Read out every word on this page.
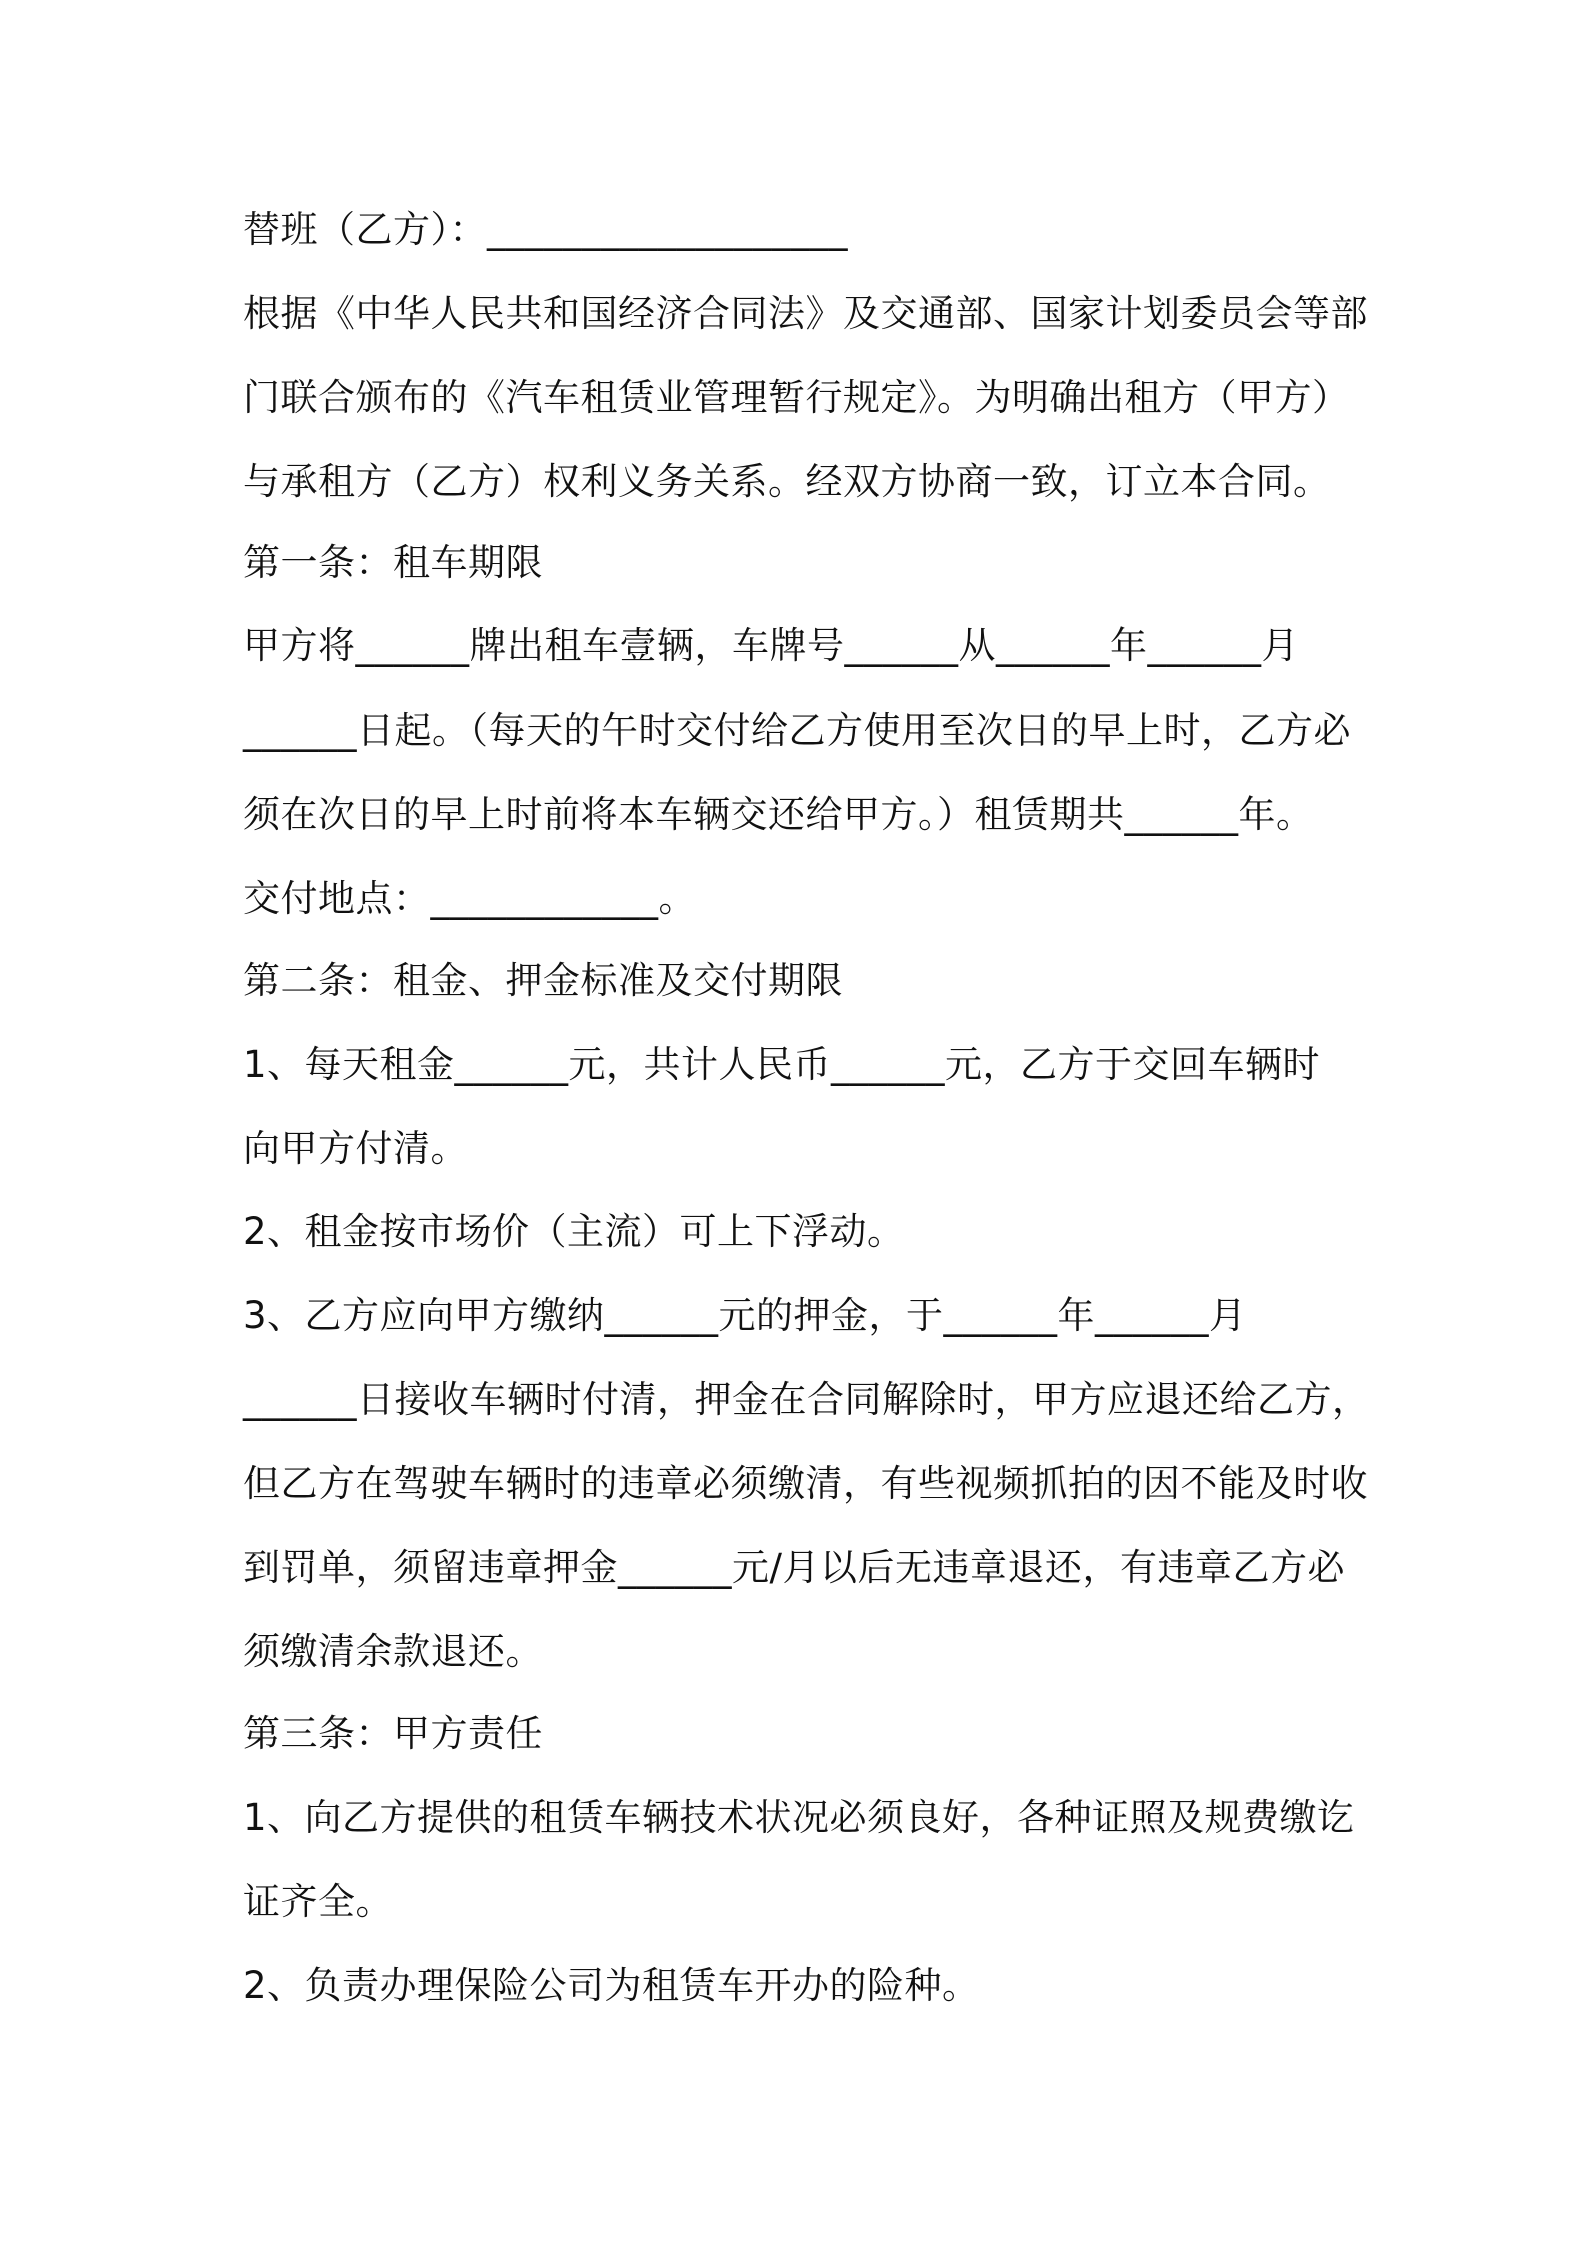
替班（乙方）：___________________
根据《中华人民共和国经济合同法》及交通部、国家计划委员会等部
门联合颁布的《汽车租赁业管理暂行规定》。为明确出租方（甲方）
与承租方（乙方）权利义务关系。经双方协商一致，订立本合同。
第一条：租车期限
甲方将______牌出租车壹辆，车牌号______从______年______月
______日起。（每天的午时交付给乙方使用至次日的早上时，乙方必
须在次日的早上时前将本车辆交还给甲方。）租赁期共______年。
交付地点：____________。
第二条：租金、押金标准及交付期限
1、每天租金______元，共计人民币______元，乙方于交回车辆时
向甲方付清。
2、租金按市场价（主流）可上下浮动。
3、乙方应向甲方缴纳______元的押金，于______年______月
______日接收车辆时付清，押金在合同解除时，甲方应退还给乙方，
但乙方在驾驶车辆时的违章必须缴清，有些视频抓拍的因不能及时收
到罚单，须留违章押金______元/月以后无违章退还，有违章乙方必
须缴清余款退还。
第三条：甲方责任
1、向乙方提供的租赁车辆技术状况必须良好，各种证照及规费缴讫
证齐全。
2、负责办理保险公司为租赁车开办的险种。
